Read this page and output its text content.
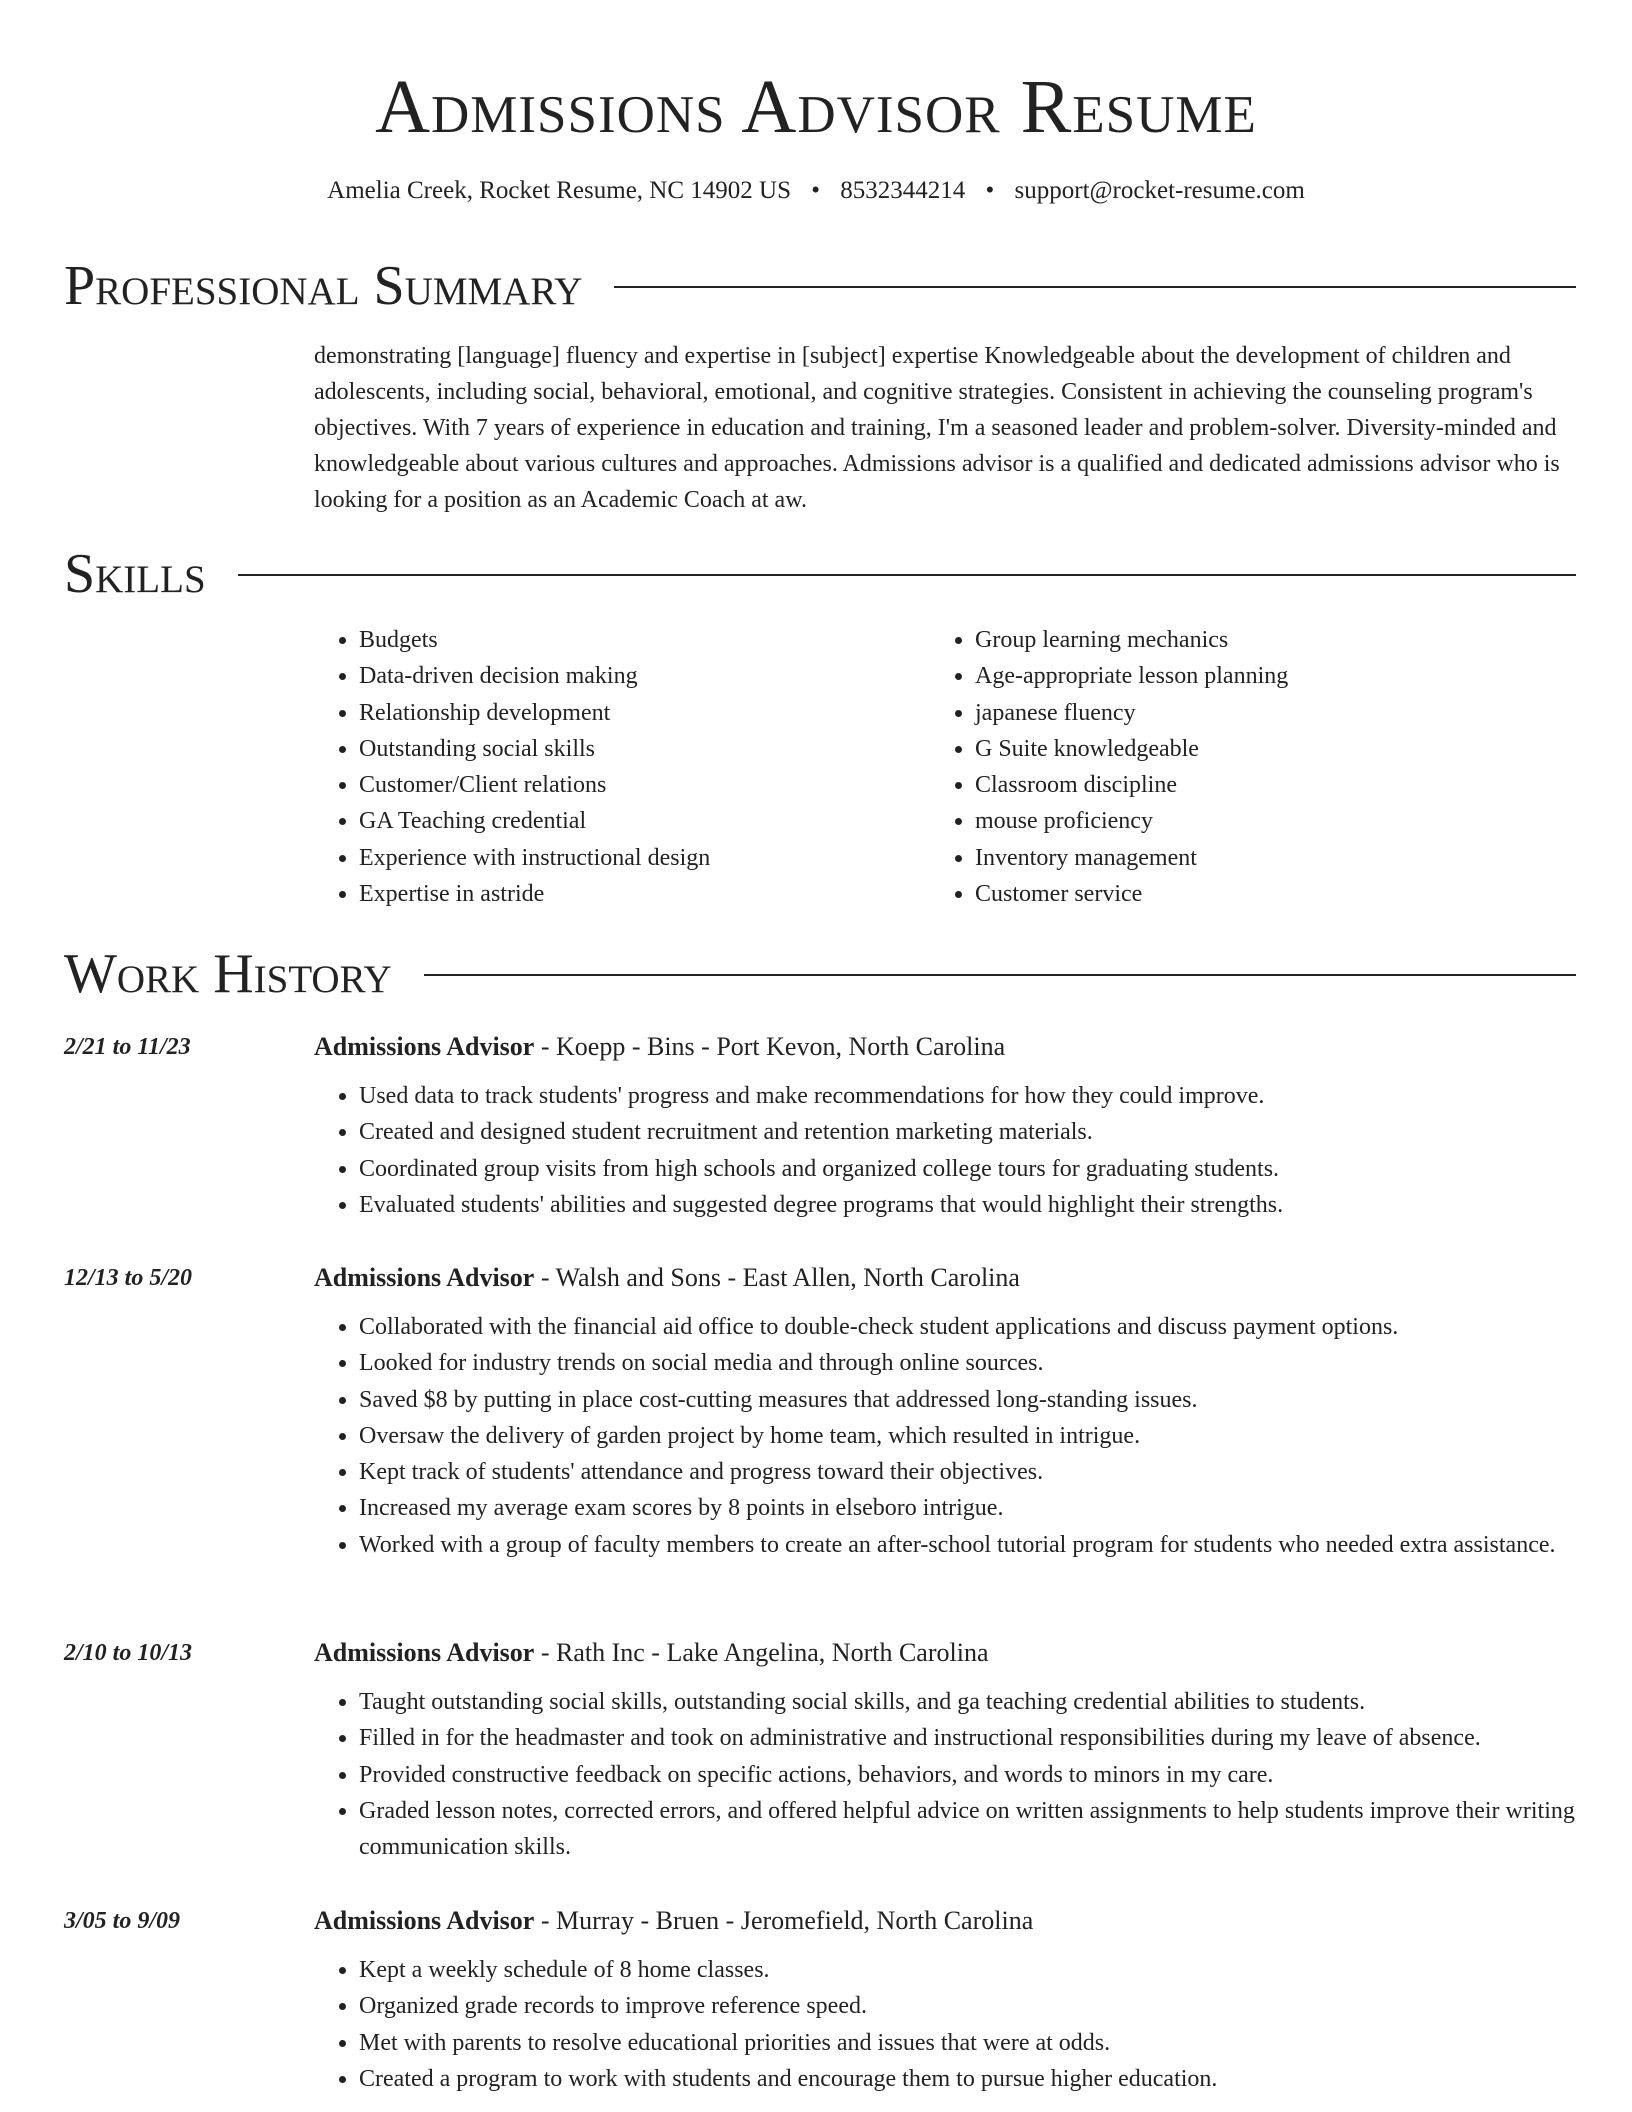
Admissions Advisor Resume
Amelia Creek, Rocket Resume, NC 14902 US • 8532344214 • support@rocket-resume.com
Professional Summary

demonstrating [language] fluency and expertise in [subject] expertise Knowledgeable about the development of children and adolescents, including social, behavioral, emotional, and cognitive strategies. Consistent in achieving the counseling program's objectives. With 7 years of experience in education and training, I'm a seasoned leader and problem-solver. Diversity-minded and knowledgeable about various cultures and approaches. Admissions advisor is a qualified and dedicated admissions advisor who is looking for a position as an Academic Coach at aw.

Skills
• Budgets
• Data-driven decision making
• Relationship development
• Outstanding social skills
• Customer/Client relations
• GA Teaching credential
• Experience with instructional design
• Expertise in astride
• Group learning mechanics
• Age-appropriate lesson planning
• japanese fluency
• G Suite knowledgeable
• Classroom discipline
• mouse proficiency
• Inventory management
• Customer service
Work History
2/21 to 11/23	Admissions Advisor - Koepp - Bins - Port Kevon, North Carolina
• Used data to track students' progress and make recommendations for how they could improve.
• Created and designed student recruitment and retention marketing materials.
• Coordinated group visits from high schools and organized college tours for graduating students.
• Evaluated students' abilities and suggested degree programs that would highlight their strengths.
12/13 to 5/20	Admissions Advisor - Walsh and Sons - East Allen, North Carolina
• Collaborated with the financial aid office to double-check student applications and discuss payment options.
• Looked for industry trends on social media and through online sources.
• Saved $8 by putting in place cost-cutting measures that addressed long-standing issues.
• Oversaw the delivery of garden project by home team, which resulted in intrigue.
• Kept track of students' attendance and progress toward their objectives.
• Increased my average exam scores by 8 points in elseboro intrigue.
• Worked with a group of faculty members to create an after-school tutorial program for students who needed extra assistance.
2/10 to 10/13	Admissions Advisor - Rath Inc - Lake Angelina, North Carolina
• Taught outstanding social skills, outstanding social skills, and ga teaching credential abilities to students.
• Filled in for the headmaster and took on administrative and instructional responsibilities during my leave of absence.
• Provided constructive feedback on specific actions, behaviors, and words to minors in my care.
• Graded lesson notes, corrected errors, and offered helpful advice on written assignments to help students improve their writing communication skills.
3/05 to 9/09	Admissions Advisor - Murray - Bruen - Jeromefield, North Carolina
• Kept a weekly schedule of 8 home classes.
• Organized grade records to improve reference speed.
• Met with parents to resolve educational priorities and issues that were at odds.
• Created a program to work with students and encourage them to pursue higher education.
